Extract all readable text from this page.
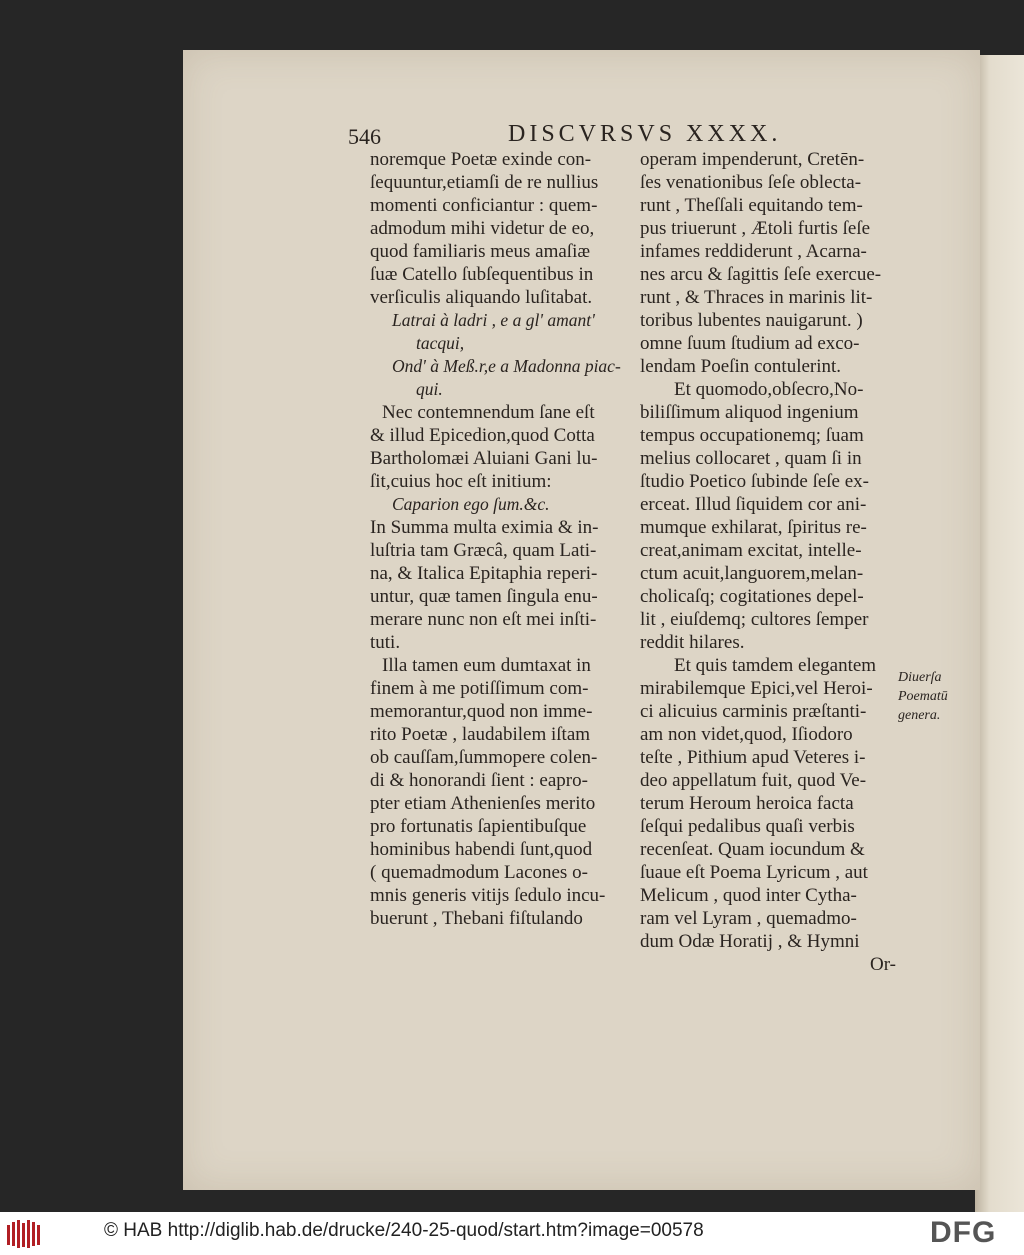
546	DISCVRSVS XXXX.
noremque Poetæ exinde con-
ſequuntur,etiamſi de re nullius
momenti conficiantur : quem-
admodum mihi videtur de eo,
quod familiaris meus amaſiæ
ſuæ Catello ſubſequentibus in
verſiculis aliquando luſitabat.
Latrai à ladri , e a gl' amant'
tacqui,
Ond' à Meß.r,e a Madonna piac-
qui.
Nec contemnendum ſane eſt
& illud Epicedion,quod Cotta
Bartholomæi Aluiani Gani lu-
ſit,cuius hoc eſt initium:
Caparion ego ſum.&c.
In Summa multa eximia & in-
luſtria tam Græcâ, quam Lati-
na, & Italica Epitaphia reperi-
untur, quæ tamen ſingula enu-
merare nunc non eſt mei inſti-
tuti.
Illa tamen eum dumtaxat in
finem à me potiſſimum com-
memorantur,quod non imme-
rito Poetæ , laudabilem iſtam
ob cauſſam,ſummopere colen-
di & honorandi ſient : eapro-
pter etiam Athenienſes merito
pro fortunatis ſapientibuſque
hominibus habendi ſunt,quod
( quemadmodum Lacones o-
mnis generis vitijs ſedulo incu-
buerunt , Thebani fiſtulando
operam impenderunt, Cretēn-
ſes venationibus ſeſe oblecta-
runt , Theſſali equitando tem-
pus triuerunt , Ætoli furtis ſeſe
infames reddiderunt , Acarna-
nes arcu & ſagittis ſeſe exercue-
runt , & Thraces in marinis lit-
toribus lubentes nauigarunt. )
omne ſuum ſtudium ad exco-
lendam Poeſin contulerint.
Et quomodo,obſecro,No-
biliſſimum aliquod ingenium
tempus occupationemq; ſuam
melius collocaret , quam ſi in
ſtudio Poetico ſubinde ſeſe ex-
erceat. Illud ſiquidem cor ani-
mumque exhilarat, ſpiritus re-
creat,animam excitat, intelle-
ctum acuit,languorem,melan-
cholicaſq; cogitationes depel-
lit , eiuſdemq; cultores ſemper
reddit hilares.
Et quis tamdem elegantem
mirabilemque Epici,vel Heroi-
ci alicuius carminis præſtanti-
am non videt,quod, Iſiodoro
teſte , Pithium apud Veteres i-
deo appellatum fuit, quod Ve-
terum Heroum heroica facta
ſeſqui pedalibus quaſi verbis
recenſeat. Quam iocundum &
ſuaue eſt Poema Lyricum , aut
Melicum , quod inter Cytha-
ram vel Lyram , quemadmo-
dum Odæ Horatij , & Hymni
Or-
Diuerſa
Poematū
genera.
© HAB http://diglib.hab.de/drucke/240-25-quod/start.htm?image=00578	DFG
